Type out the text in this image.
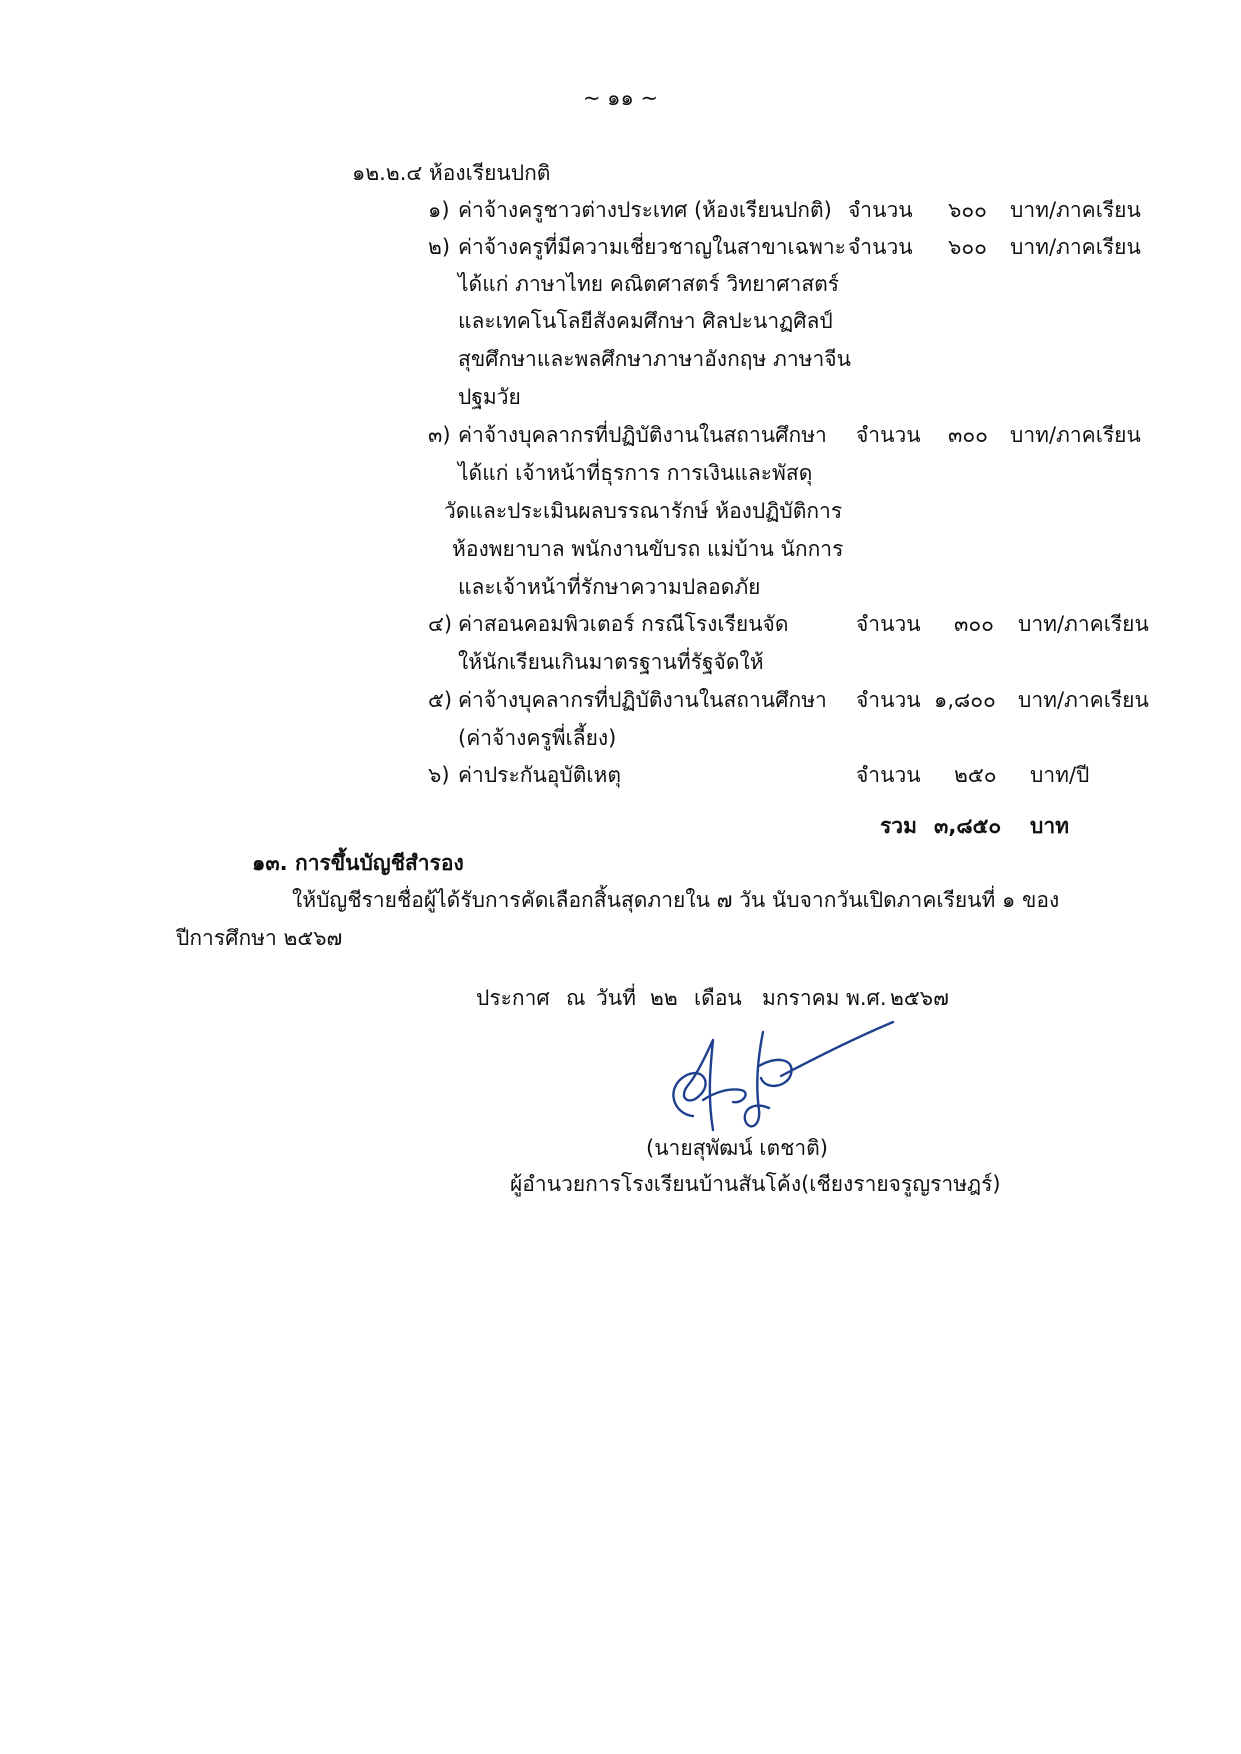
~ ๑๑ ~
๑๒.๒.๔ ห้องเรียนปกติ
๑) ค่าจ้างครูชาวต่างประเทศ (ห้องเรียนปกติ) จำนวน ๖๐๐ บาท/ภาคเรียน
๒) ค่าจ้างครูที่มีความเชี่ยวชาญในสาขาเฉพาะ
ได้แก่ ภาษาไทย คณิตศาสตร์ วิทยาศาสตร์
และเทคโนโลยีสังคมศึกษา ศิลปะนาฏศิลป์
สุขศึกษาและพลศึกษาภาษาอังกฤษ ภาษาจีน
ปฐมวัย
จำนวน ๖๐๐ บาท/ภาคเรียน
๓) ค่าจ้างบุคลากรที่ปฏิบัติงานในสถานศึกษา
ได้แก่ เจ้าหน้าที่ธุรการ การเงินและพัสดุ
วัดและประเมินผลบรรณารักษ์ ห้องปฏิบัติการ
ห้องพยาบาล พนักงานขับรถ แม่บ้าน นักการ
และเจ้าหน้าที่รักษาความปลอดภัย
จำนวน ๓๐๐ บาท/ภาคเรียน
๔) ค่าสอนคอมพิวเตอร์ กรณีโรงเรียนจัด
ให้นักเรียนเกินมาตรฐานที่รัฐจัดให้
จำนวน ๓๐๐ บาท/ภาคเรียน
๕) ค่าจ้างบุคลากรที่ปฏิบัติงานในสถานศึกษา
(ค่าจ้างครูพี่เลี้ยง)
จำนวน ๑,๘๐๐ บาท/ภาคเรียน
๖) ค่าประกันอุบัติเหตุ	จำนวน ๒๕๐ บาท/ปี
รวม ๓,๘๕๐ บาท
๑๓. การขึ้นบัญชีสำรอง
ให้บัญชีรายชื่อผู้ได้รับการคัดเลือกสิ้นสุดภายใน ๗ วัน นับจากวันเปิดภาคเรียนที่ ๑ ของ
ปีการศึกษา ๒๕๖๗
ประกาศ ณ วันที่ ๒๒ เดือน มกราคม พ.ศ. ๒๕๖๗
(นายสุพัฒน์ เตชาติ)
ผู้อำนวยการโรงเรียนบ้านสันโค้ง(เชียงรายจรูญราษฎร์)
